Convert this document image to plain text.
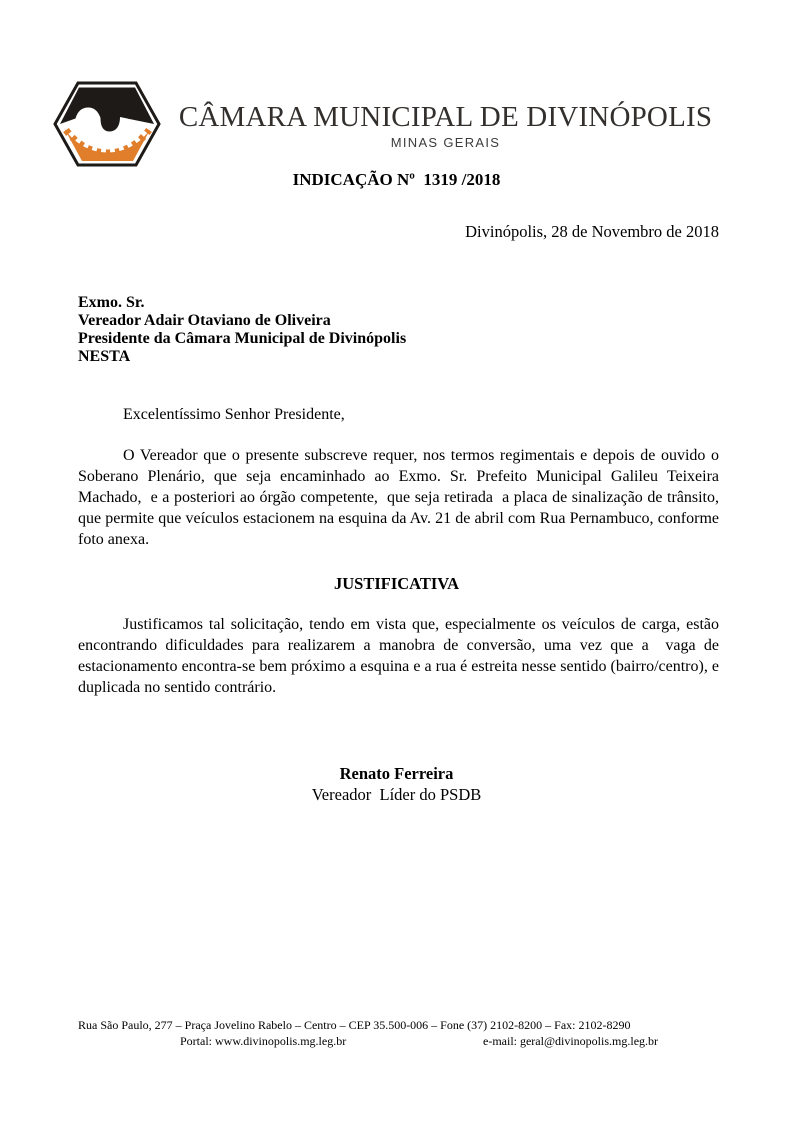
CÂMARA MUNICIPAL DE DIVINÓPOLIS
MINAS GERAIS
INDICAÇÃO Nº  1319 /2018
Divinópolis, 28 de Novembro de 2018
Exmo. Sr.
Vereador Adair Otaviano de Oliveira
Presidente da Câmara Municipal de Divinópolis
NESTA

Excelentíssimo Senhor Presidente,

O Vereador que o presente subscreve requer, nos termos regimentais e depois de ouvido o Soberano Plenário, que seja encaminhado ao Exmo. Sr. Prefeito Municipal Galileu Teixeira Machado,  e a posteriori ao órgão competente,  que seja retirada  a placa de sinalização de trânsito, que permite que veículos estacionem na esquina da Av. 21 de abril com Rua Pernambuco, conforme foto anexa.

JUSTIFICATIVA

Justificamos tal solicitação, tendo em vista que, especialmente os veículos de carga, estão encontrando dificuldades para realizarem a manobra de conversão, uma vez que a  vaga de estacionamento encontra-se bem próximo a esquina e a rua é estreita nesse sentido (bairro/centro), e duplicada no sentido contrário.

Renato Ferreira
Vereador  Líder do PSDB
Rua São Paulo, 277 – Praça Jovelino Rabelo – Centro – CEP 35.500-006 – Fone (37) 2102-8200 – Fax: 2102-8290
Portal: www.divinopolis.mg.leg.br	e-mail: geral@divinopolis.mg.leg.br
